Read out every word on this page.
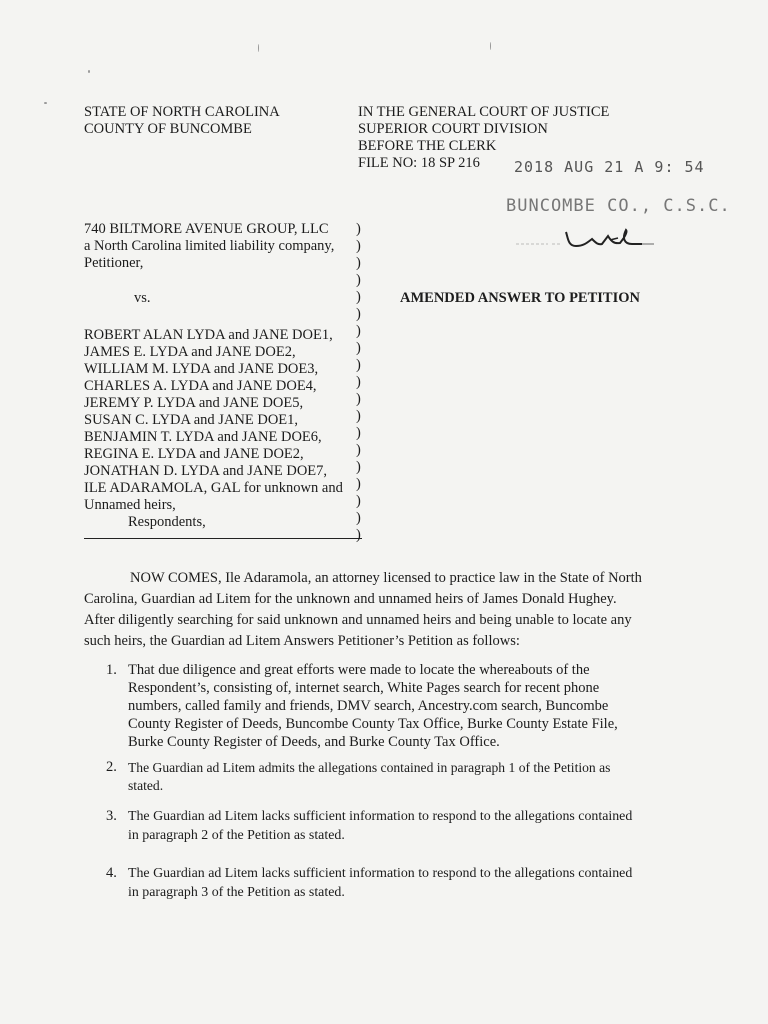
STATE OF NORTH CAROLINA
COUNTY OF BUNCOMBE
IN THE GENERAL COURT OF JUSTICE
SUPERIOR COURT DIVISION
BEFORE THE CLERK
FILE NO: 18 SP 216 2018 AUG 21 A 9: 54
BUNCOMBE CO., C.S.C.
740 BILTMORE AVENUE GROUP, LLC
a North Carolina limited liability company,
Petitioner,
vs.
ROBERT ALAN LYDA and JANE DOE1,
JAMES E. LYDA and JANE DOE2,
WILLIAM M. LYDA and JANE DOE3,
CHARLES A. LYDA and JANE DOE4,
JEREMY P. LYDA and JANE DOE5,
SUSAN C. LYDA and JANE DOE1,
BENJAMIN T. LYDA and JANE DOE6,
REGINA E. LYDA and JANE DOE2,
JONATHAN D. LYDA and JANE DOE7,
ILE ADARAMOLA, GAL for unknown and
Unnamed heirs,
Respondents,
)
)
)
)
)
)
)
)
)
)
)
)
)
)
)
)
)
)
)
AMENDED ANSWER TO PETITION
NOW COMES, Ile Adaramola, an attorney licensed to practice law in the State of North
Carolina, Guardian ad Litem for the unknown and unnamed heirs of James Donald Hughey.
After diligently searching for said unknown and unnamed heirs and being unable to locate any
such heirs, the Guardian ad Litem Answers Petitioner’s Petition as follows:
1. That due diligence and great efforts were made to locate the whereabouts of the
Respondent’s, consisting of, internet search, White Pages search for recent phone
numbers, called family and friends, DMV search, Ancestry.com search, Buncombe
County Register of Deeds, Buncombe County Tax Office, Burke County Estate File,
Burke County Register of Deeds, and Burke County Tax Office.
2. The Guardian ad Litem admits the allegations contained in paragraph 1 of the Petition as
stated.
3. The Guardian ad Litem lacks sufficient information to respond to the allegations contained
in paragraph 2 of the Petition as stated.
4. The Guardian ad Litem lacks sufficient information to respond to the allegations contained
in paragraph 3 of the Petition as stated.
